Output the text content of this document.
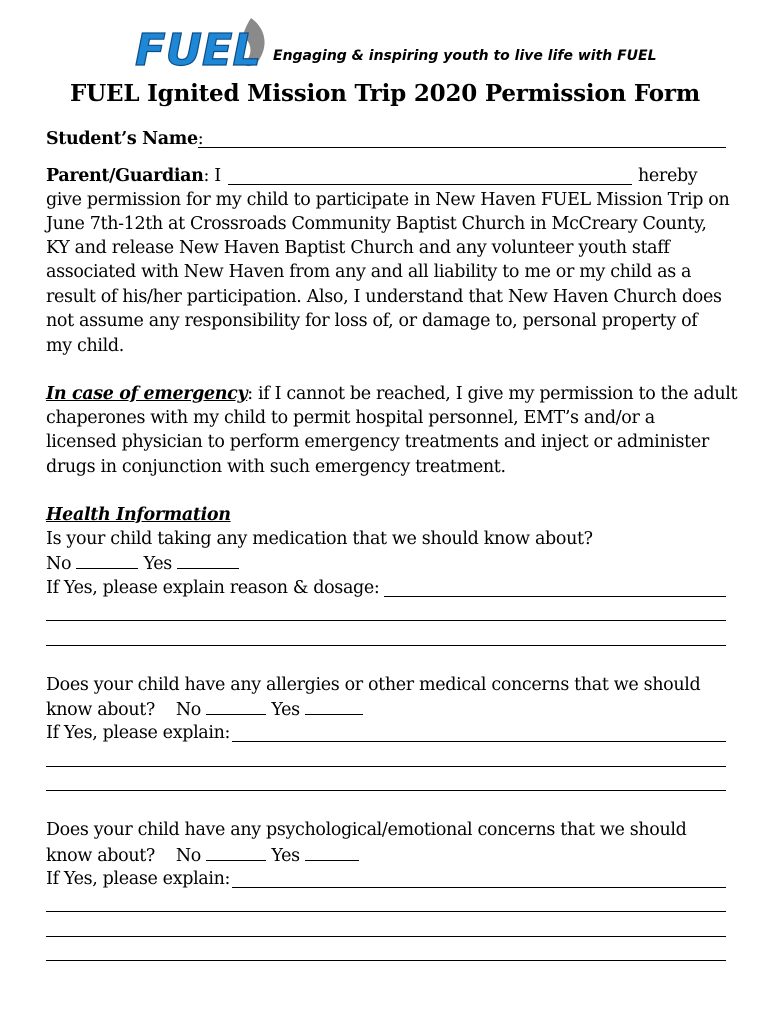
FUEL Engaging & inspiring youth to live life with FUEL
FUEL Ignited Mission Trip 2020 Permission Form
Student’s Name:
Parent/Guardian: I	hereby
give permission for my child to participate in New Haven FUEL Mission Trip on
June 7th-12th at Crossroads Community Baptist Church in McCreary County,
KY and release New Haven Baptist Church and any volunteer youth staff
associated with New Haven from any and all liability to me or my child as a
result of his/her participation. Also, I understand that New Haven Church does
not assume any responsibility for loss of, or damage to, personal property of
my child.
In case of emergency: if I cannot be reached, I give my permission to the adult
chaperones with my child to permit hospital personnel, EMT’s and/or a
licensed physician to perform emergency treatments and inject or administer
drugs in conjunction with such emergency treatment.
Health Information
Is your child taking any medication that we should know about?
No	Yes
If Yes, please explain reason & dosage:
Does your child have any allergies or other medical concerns that we should
know about? No	Yes
If Yes, please explain:
Does your child have any psychological/emotional concerns that we should
know about? No	Yes
If Yes, please explain:
